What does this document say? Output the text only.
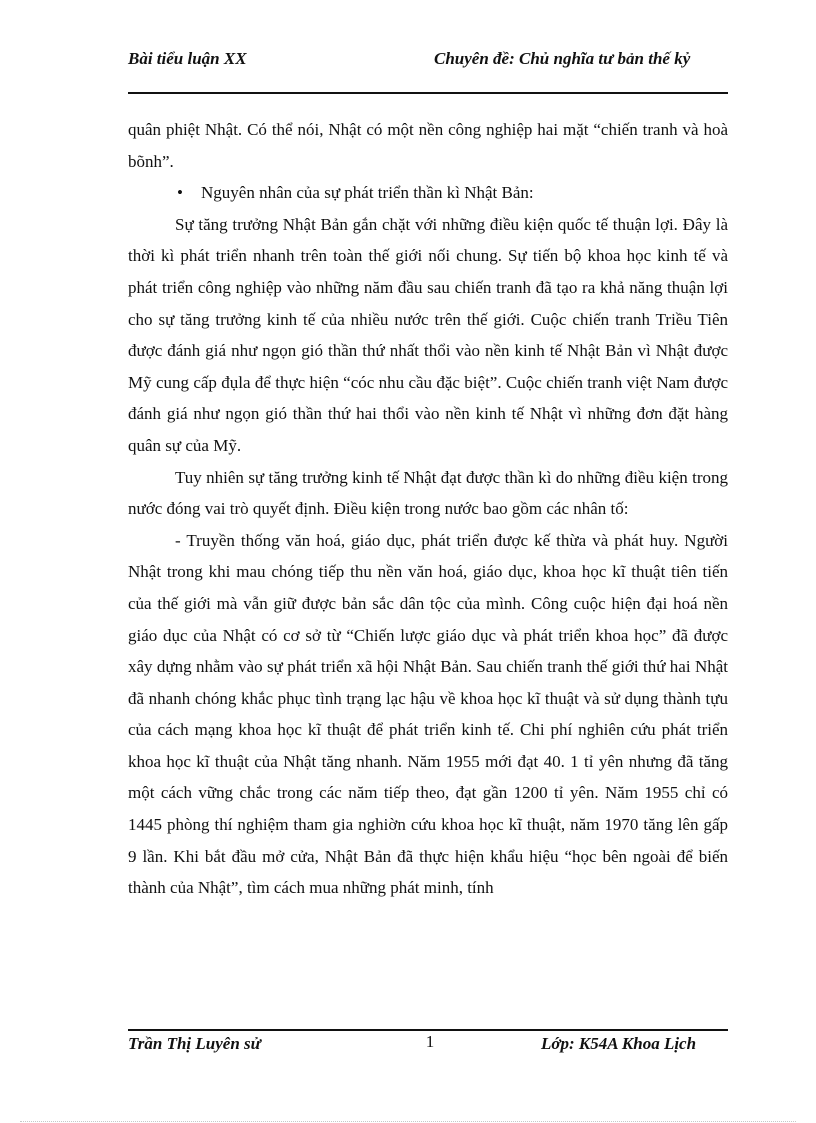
Bài tiểu luận XX	Chuyên đề: Chủ nghĩa tư bản thế kỷ

quân phiệt Nhật. Có thể nói, Nhật có một nền công nghiệp hai mặt “chiến tranh và hoà bõnh”.

• Nguyên nhân của sự phát triển thần kì Nhật Bản:

Sự tăng trưởng Nhật Bản gắn chặt với những điều kiện quốc tế thuận lợi. Đây là thời kì phát triển nhanh trên toàn thế giới nối chung. Sự tiến bộ khoa học kinh tế và phát triển công nghiệp vào những năm đầu sau chiến tranh đã tạo ra khả năng thuận lợi cho sự tăng trưởng kinh tế của nhiều nước trên thế giới. Cuộc chiến tranh Triều Tiên được đánh giá như ngọn gió thần thứ nhất thổi vào nền kinh tế Nhật Bản vì Nhật được Mỹ cung cấp đụla để thực hiện “cóc nhu cầu đặc biệt”. Cuộc chiến tranh việt Nam được đánh giá như ngọn gió thần thứ hai thổi vào nền kinh tế Nhật vì những đơn đặt hàng quân sự của Mỹ.

Tuy nhiên sự tăng trưởng kinh tế Nhật đạt được thần kì do những điều kiện trong nước đóng vai trò quyết định. Điều kiện trong nước bao gồm các nhân tố:

- Truyền thống văn hoá, giáo dục, phát triển được kế thừa và phát huy. Người Nhật trong khi mau chóng tiếp thu nền văn hoá, giáo dục, khoa học kĩ thuật tiên tiến của thế giới mà vẫn giữ được bản sắc dân tộc của mình. Công cuộc hiện đại hoá nền giáo dục của Nhật có cơ sở từ “Chiến lược giáo dục và phát triển khoa học” đã được xây dựng nhằm vào sự phát triển xã hội Nhật Bản. Sau chiến tranh thế giới thứ hai Nhật đã nhanh chóng khắc phục tình trạng lạc hậu về khoa học kĩ thuật và sử dụng thành tựu của cách mạng khoa học kĩ thuật để phát triển kinh tế. Chi phí nghiên cứu phát triển khoa học kĩ thuật của Nhật tăng nhanh. Năm 1955 mới đạt 40. 1 tỉ yên nhưng đã tăng một cách vững chắc trong các năm tiếp theo, đạt gần 1200 tỉ yên. Năm 1955 chỉ có 1445 phòng thí nghiệm tham gia nghiờn cứu khoa học kĩ thuật, năm 1970 tăng lên gấp 9 lần. Khi bắt đầu mở cửa, Nhật Bản đã thực hiện khẩu hiệu “học bên ngoài để biến thành của Nhật”, tìm cách mua những phát minh, tính

Trần Thị Luyên sử	1	Lớp: K54A Khoa Lịch
